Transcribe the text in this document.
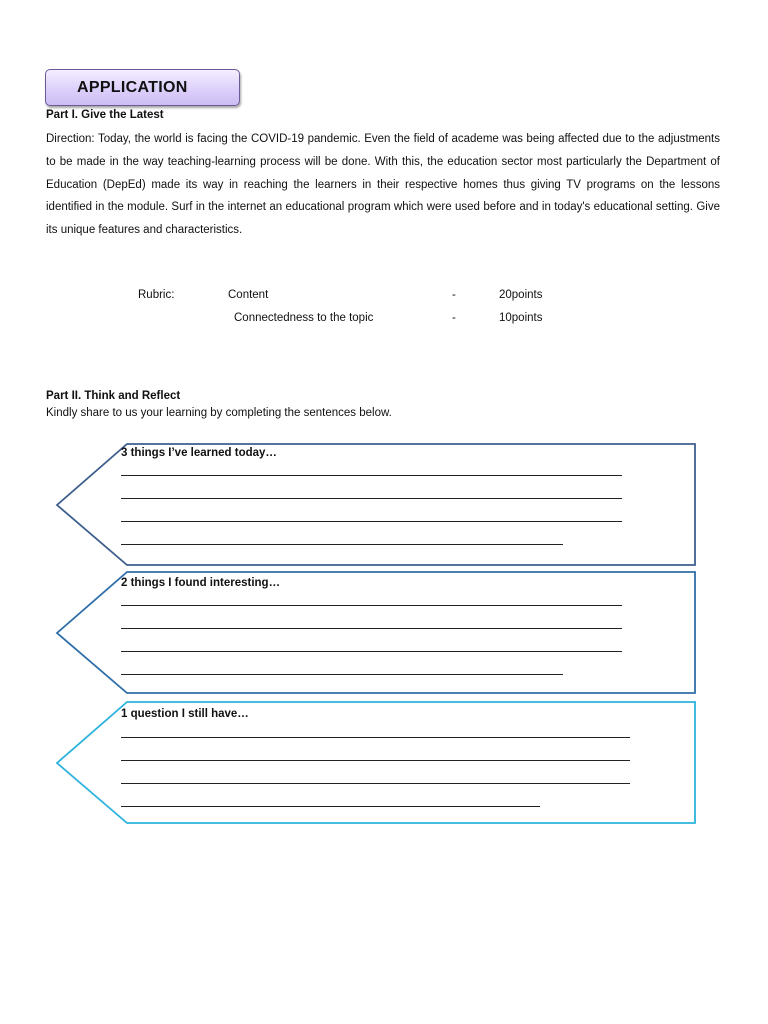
APPLICATION
Part I. Give the Latest

Direction: Today, the world is facing the COVID-19 pandemic. Even the field of academe was being affected due to the adjustments to be made in the way teaching-learning process will be done. With this, the education sector most particularly the Department of Education (DepEd) made its way in reaching the learners in their respective homes thus giving TV programs on the lessons identified in the module. Surf in the internet an educational program which were used before and in today's educational setting. Give its unique features and characteristics.

Rubric:	Content	-	20points
Connectedness to the topic	-	10points
Part II. Think and Reflect

Kindly share to us your learning by completing the sentences below.

3 things I’ve learned today…
2 things I found interesting…
1 question I still have…
